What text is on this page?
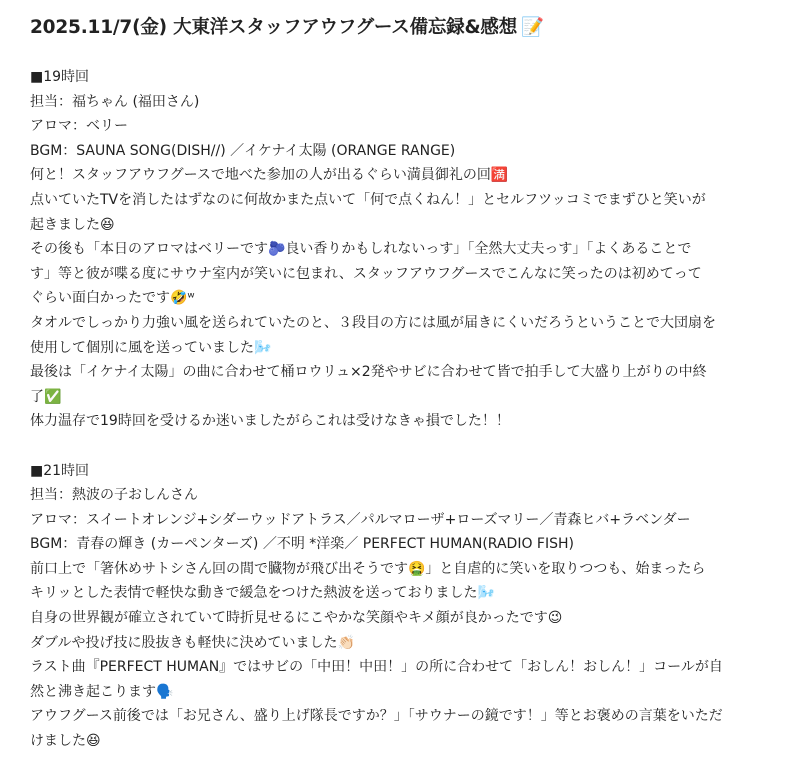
2025.11/7(金) 大東洋スタッフアウフグース備忘録&感想 📝
■19時回
担当：福ちゃん (福田さん)
アロマ：ベリー
BGM：SAUNA SONG(DISH//) ／イケナイ太陽 (ORANGE RANGE)
何と！スタッフアウフグースで地べた参加の人が出るぐらい満員御礼の回🈵
点いていたTVを消したはずなのに何故かまた点いて「何で点くねん！」とセルフツッコミでまずひと笑いが
起きました😆
その後も「本日のアロマはベリーです🫐良い香りかもしれないっす」「全然大丈夫っす」「よくあることで
す」等と彼が喋る度にサウナ室内が笑いに包まれ、スタッフアウフグースでこんなに笑ったのは初めてって
ぐらい面白かったです🤣ʷ
タオルでしっかり力強い風を送られていたのと、３段目の方には風が届きにくいだろうということで大団扇を
使用して個別に風を送っていました🌬️
最後は「イケナイ太陽」の曲に合わせて桶ロウリュ×2発やサビに合わせて皆で拍手して大盛り上がりの中終
了✅
体力温存で19時回を受けるか迷いましたがらこれは受けなきゃ損でした！！
■21時回
担当：熱波の子おしんさん
アロマ：スイートオレンジ+シダーウッドアトラス／パルマローザ+ローズマリー／青森ヒバ+ラベンダー
BGM：青春の輝き (カーペンターズ) ／不明 *洋楽／ PERFECT HUMAN(RADIO FISH)
前口上で「箸休めサトシさん回の間で臓物が飛び出そうです🤮」と自虐的に笑いを取りつつも、始まったら
キリッとした表情で軽快な動きで緩急をつけた熱波を送っておりました🌬️
自身の世界観が確立されていて時折見せるにこやかな笑顔やキメ顔が良かったです😉
ダブルや投げ技に股抜きも軽快に決めていました👏🏻
ラスト曲『PERFECT HUMAN』ではサビの「中田！中田！」の所に合わせて「おしん！おしん！」コールが自
然と沸き起こります🗣️
アウフグース前後では「お兄さん、盛り上げ隊長ですか？」「サウナーの鏡です！」等とお褒めの言葉をいただ
けました😆
